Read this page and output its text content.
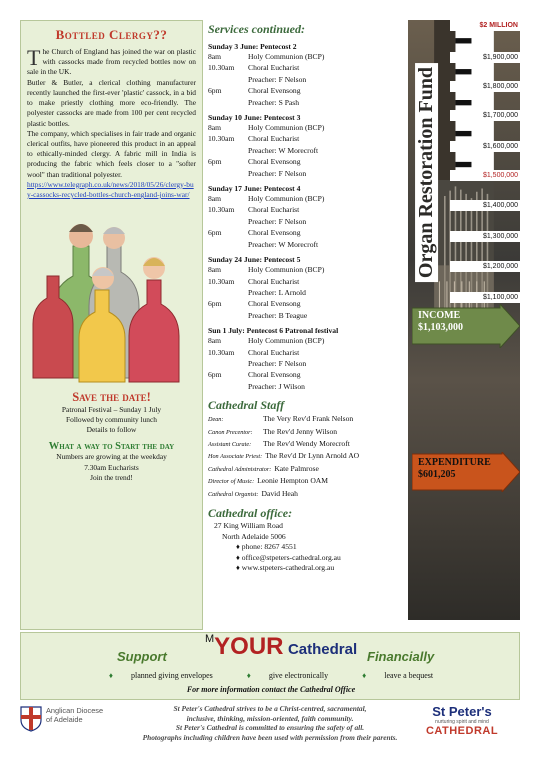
Bottled Clergy??

The Church of England has joined the war on plastic with cassocks made from recycled bottles now on sale in the UK.

Butler & Butler, a clerical clothing manufacturer recently launched the first-ever 'plastic' cassock, in a bid to make priestly clothing more eco-friendly. The polyester cassocks are made from 100 per cent recycled plastic bottles.

The company, which specialises in fair trade and organic clerical outfits, have pioneered this product in an appeal to ethically-minded clergy. A fabric mill in India is producing the fabric which feels closer to a "softer wool" than traditional polyester.

https://www.telegraph.co.uk/news/2018/05/26/clergy-buy-cassocks-recycled-bottles-church-england-joins-war/
Save the date!
Patronal Festival – Sunday 1 July
Followed by community lunch
Details to follow
What a way to Start the day
Numbers are growing at the weekday
7.30am Eucharists
Join the trend!
Services continued:
Sunday 3 June: Pentecost 2
8am	Holy Communion (BCP)
10.30am	Choral Eucharist
Preacher: F Nelson
6pm	Choral Evensong
Preacher: S Pash
Sunday 10 June: Pentecost 3
8am	Holy Communion (BCP)
10.30am	Choral Eucharist
Preacher: W Morecroft
6pm	Choral Evensong
Preacher: F Nelson
Sunday 17 June: Pentecost 4
8am	Holy Communion (BCP)
10.30am	Choral Eucharist
Preacher: F Nelson
6pm	Choral Evensong
Preacher: W Morecroft
Sunday 24 June: Pentecost 5
8am	Holy Communion (BCP)
10.30am	Choral Eucharist
Preacher: L Arnold
6pm	Choral Evensong
Preacher: B Teague
Sun 1 July: Pentecost 6 Patronal festival
8am	Holy Communion (BCP)
10.30am	Choral Eucharist
Preacher: F Nelson
6pm	Choral Evensong
Preacher: J Wilson
Cathedral Staff
Dean:	The Very Rev'd Frank Nelson
Canon Precentor: The Rev'd Jenny Wilson
Assistant Curate: The Rev'd Wendy Morecroft
Hon Associate Priest: The Rev'd Dr Lynn Arnold AO
Cathedral Administrator: Kate Palmrose
Director of Music: Leonie Hempton OAM
Cathedral Organist: David Heah
Cathedral office:
27 King William Road
North Adelaide 5006
♦ phone: 8267 4551
♦ office@stpeters-cathedral.org.au
♦ www.stpeters-cathedral.org.au
Organ Restoration Fund
$2 MILLION
$1,900,000
$1,800,000
$1,700,000
$1,600,000
$1,500,000
$1,400,000
$1,300,000
$1,200,000
$1,100,000
INCOME
$1,103,000
EXPENDITURE
$601,205
Support
$^M$YOUR Cathedral Financially
♦ planned giving envelopes	♦ give electronically	♦ leave a bequest
For more information contact the Cathedral Office
Anglican Diocese
of Adelaide
St Peter's Cathedral strives to be a Christ-centred, sacramental,
inclusive, thinking, mission-oriented, faith community.
St Peter's Cathedral is committed to ensuring the safety of all.
Photographs including children have been used with permission from their parents.
St Peter's
nurturing spirit and mind
CATHEDRAL
